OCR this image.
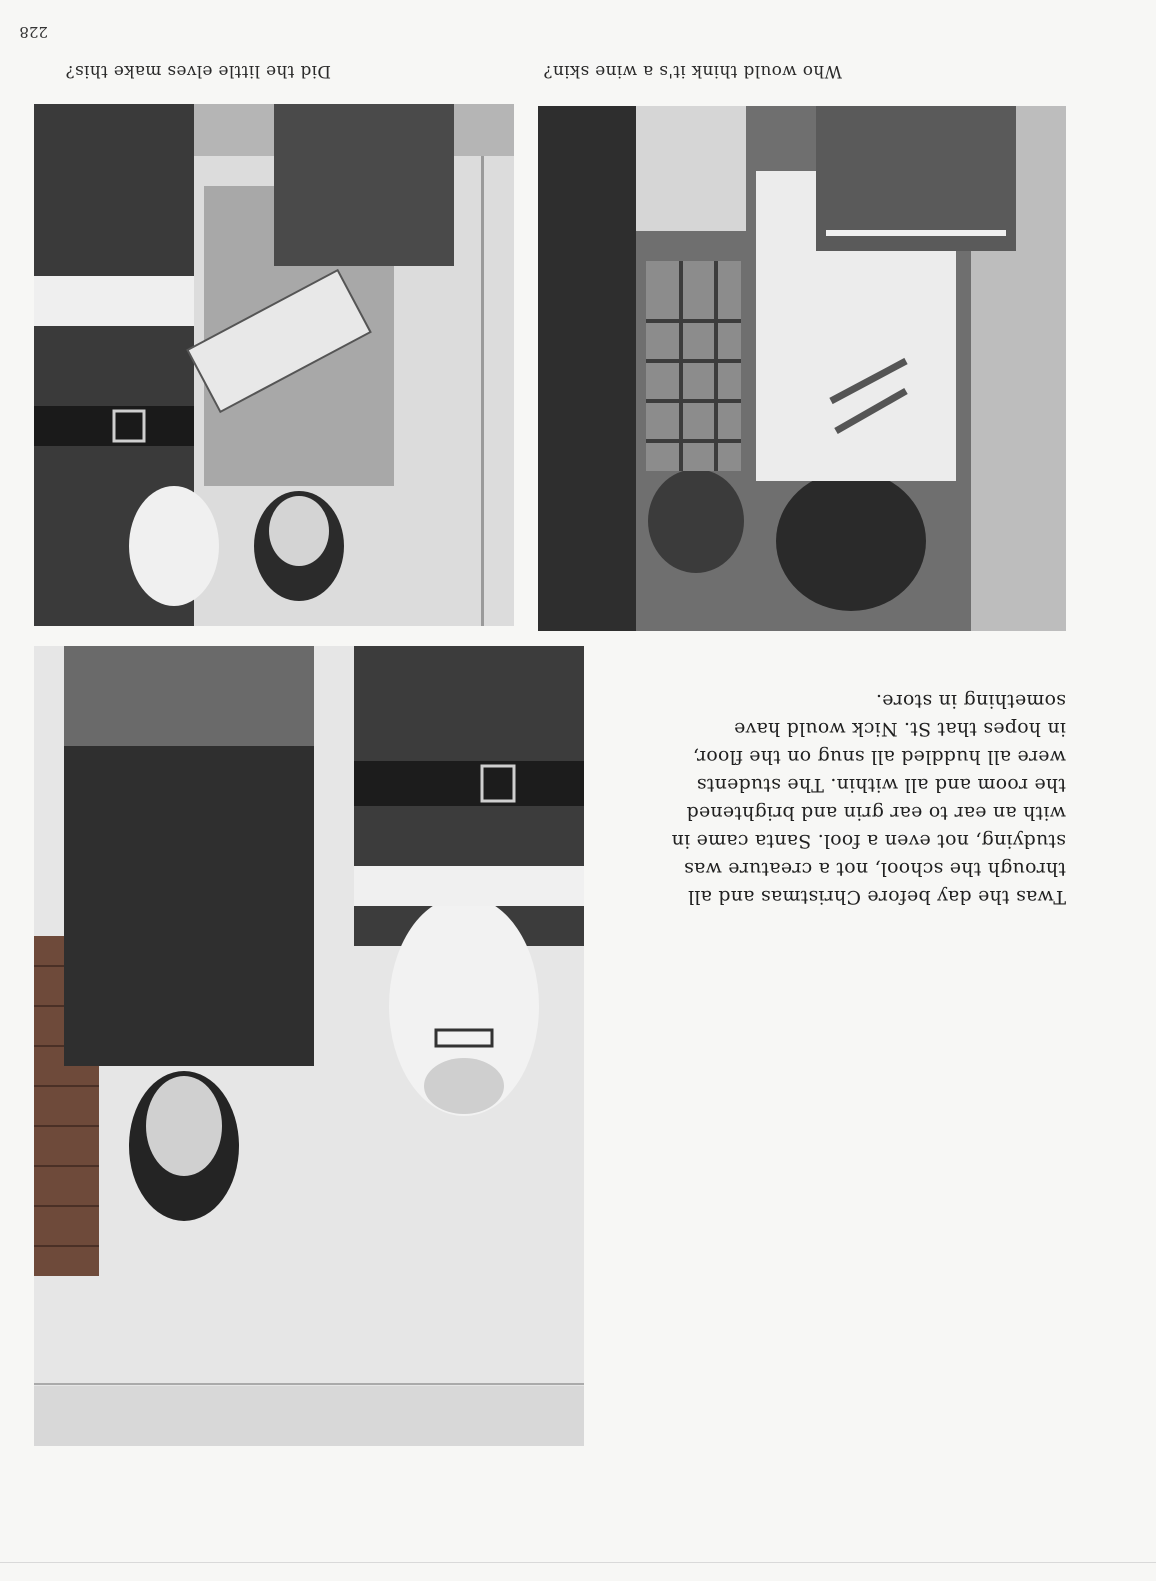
228
Did the little elves make this?	Who would think it's a wine skin?

Twas the day before Christmas and all

through the school, not a creature was

studying, not even a fool. Santa came in

with an ear to ear grin and brightened

the room and all within. The students

were all huddled all snug on the floor,

in hopes that St. Nick would have

something in store.
